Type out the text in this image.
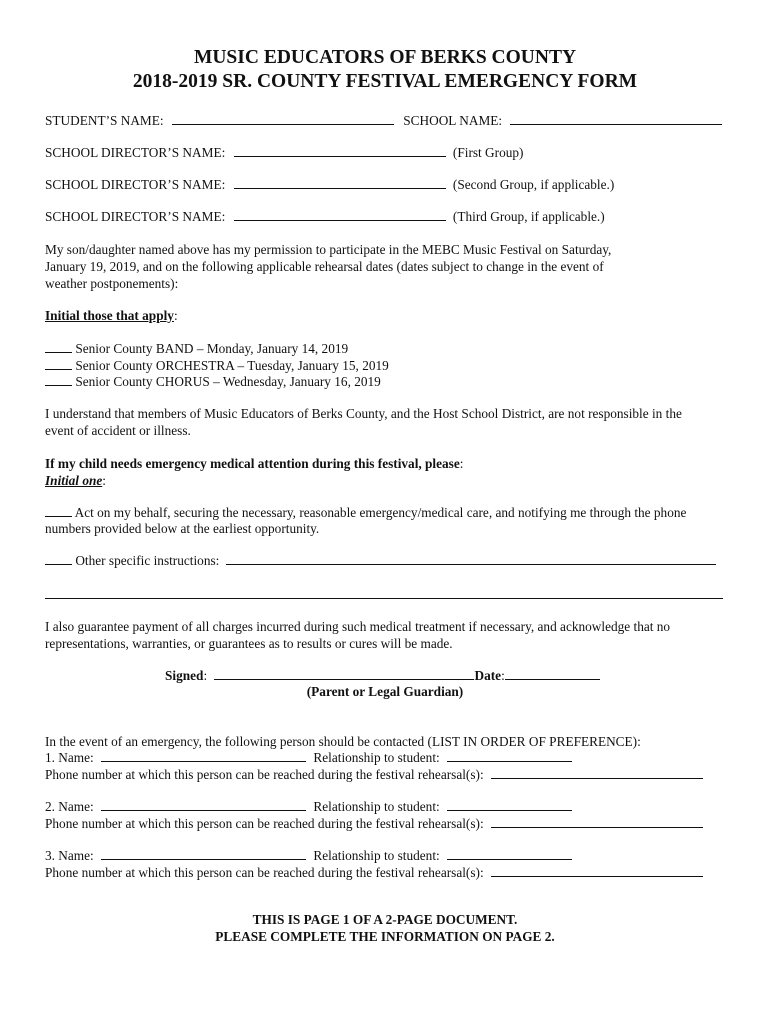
MUSIC EDUCATORS OF BERKS COUNTY
2018-2019 SR. COUNTY FESTIVAL EMERGENCY FORM
STUDENT’S NAME:	SCHOOL NAME:
SCHOOL DIRECTOR’S NAME:	(First Group)
SCHOOL DIRECTOR’S NAME:	(Second Group, if applicable.)
SCHOOL DIRECTOR’S NAME:	(Third Group, if applicable.)
My son/daughter named above has my permission to participate in the MEBC Music Festival on Saturday,
January 19, 2019, and on the following applicable rehearsal dates (dates subject to change in the event of
weather postponements):
Initial those that apply:
Senior County BAND – Monday, January 14, 2019
Senior County ORCHESTRA – Tuesday, January 15, 2019
Senior County CHORUS – Wednesday, January 16, 2019
I understand that members of Music Educators of Berks County, and the Host School District, are not responsible in the
event of accident or illness.
If my child needs emergency medical attention during this festival, please:
Initial one:
Act on my behalf, securing the necessary, reasonable emergency/medical care, and notifying me through the phone
numbers provided below at the earliest opportunity.
Other specific instructions:
I also guarantee payment of all charges incurred during such medical treatment if necessary, and acknowledge that no
representations, warranties, or guarantees as to results or cures will be made.
Signed:	Date:
(Parent or Legal Guardian)
In the event of an emergency, the following person should be contacted (LIST IN ORDER OF PREFERENCE):
1. Name:	Relationship to student:
Phone number at which this person can be reached during the festival rehearsal(s):
2. Name:	Relationship to student:
Phone number at which this person can be reached during the festival rehearsal(s):
3. Name:	Relationship to student:
Phone number at which this person can be reached during the festival rehearsal(s):
THIS IS PAGE 1 OF A 2-PAGE DOCUMENT.
PLEASE COMPLETE THE INFORMATION ON PAGE 2.
